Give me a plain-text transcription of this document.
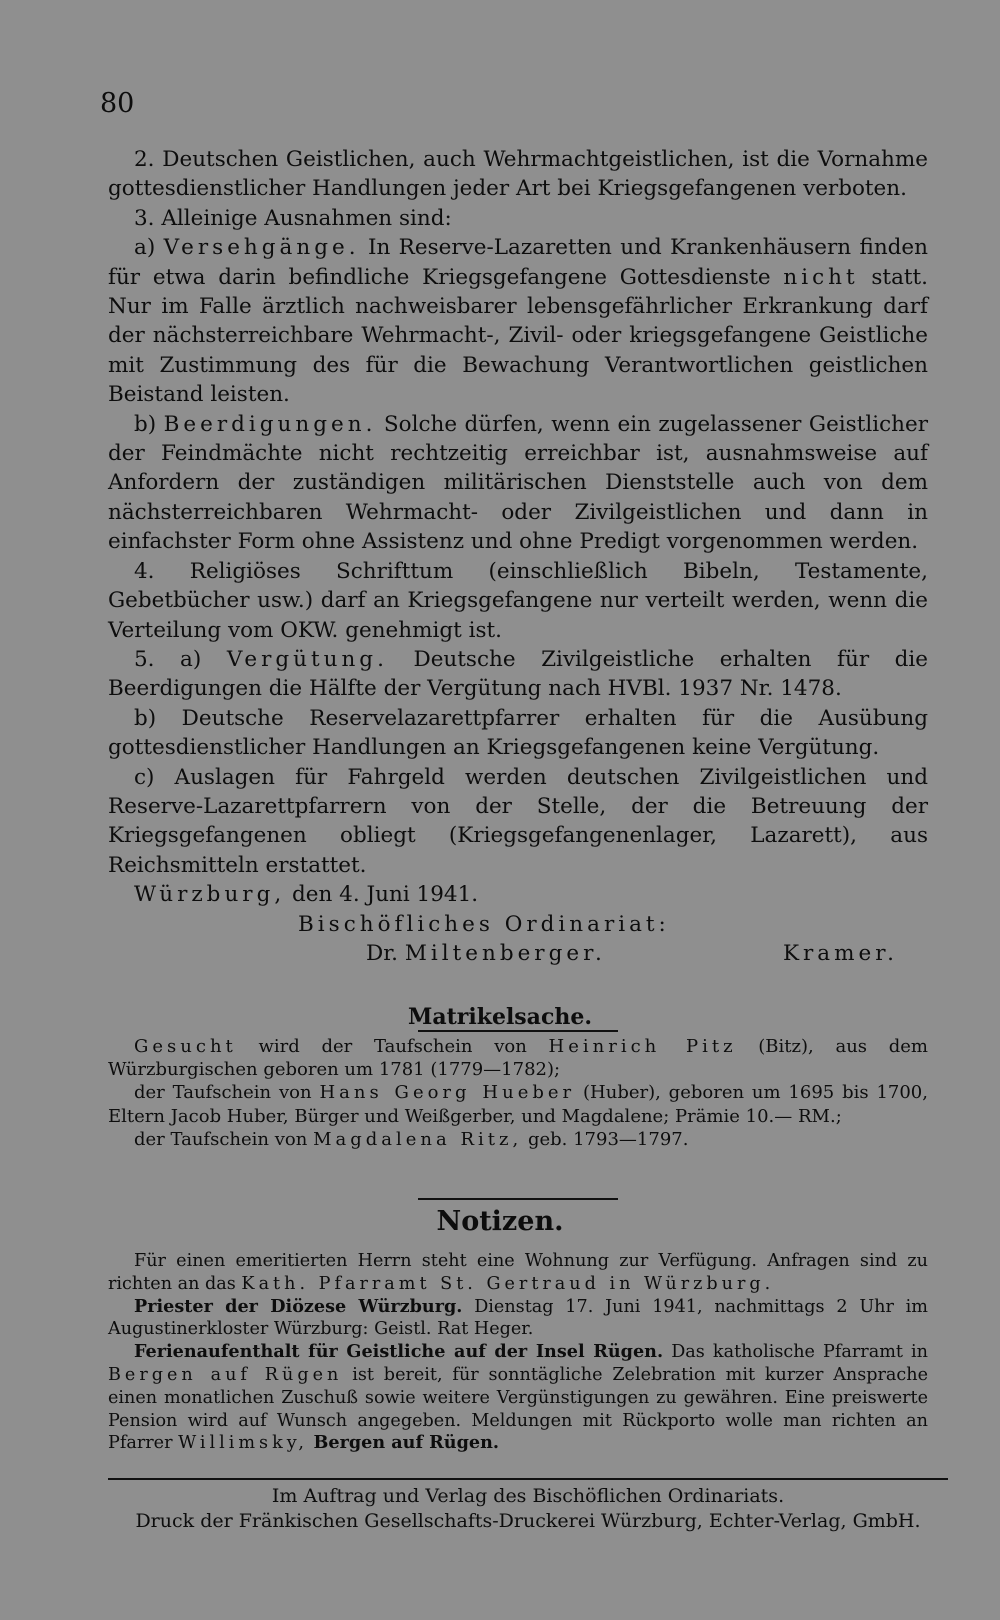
80

2. Deutschen Geistlichen, auch Wehrmachtgeistlichen, ist die Vornahme gottesdienstlicher Handlungen jeder Art bei Kriegsgefangenen verboten.

3. Alleinige Ausnahmen sind:

a) Versehgänge. In Reserve-Lazaretten und Krankenhäusern finden für etwa darin befindliche Kriegsgefangene Gottesdienste nicht statt. Nur im Falle ärztlich nachweisbarer lebensgefährlicher Erkrankung darf der nächsterreichbare Wehrmacht-, Zivil- oder kriegsgefangene Geistliche mit Zustimmung des für die Bewachung Verantwortlichen geistlichen Beistand leisten.

b) Beerdigungen. Solche dürfen, wenn ein zugelassener Geistlicher der Feindmächte nicht rechtzeitig erreichbar ist, ausnahmsweise auf Anfordern der zuständigen militärischen Dienststelle auch von dem nächsterreichbaren Wehrmacht- oder Zivilgeistlichen und dann in einfachster Form ohne Assistenz und ohne Predigt vorgenommen werden.

4. Religiöses Schrifttum (einschließlich Bibeln, Testamente, Gebetbücher usw.) darf an Kriegsgefangene nur verteilt werden, wenn die Verteilung vom OKW. genehmigt ist.

5. a) Vergütung. Deutsche Zivilgeistliche erhalten für die Beerdigungen die Hälfte der Vergütung nach HVBl. 1937 Nr. 1478.

b) Deutsche Reservelazarettpfarrer erhalten für die Ausübung gottesdienstlicher Handlungen an Kriegsgefangenen keine Vergütung.

c) Auslagen für Fahrgeld werden deutschen Zivilgeistlichen und Reserve-Lazarettpfarrern von der Stelle, der die Betreuung der Kriegsgefangenen obliegt (Kriegsgefangenenlager, Lazarett), aus Reichsmitteln erstattet.

Würzburg, den 4. Juni 1941.

Bischöfliches Ordinariat:

Dr. Miltenberger.	Kramer.
Matrikelsache.

Gesucht wird der Taufschein von Heinrich Pitz (Bitz), aus dem Würzburgischen geboren um 1781 (1779—1782);

der Taufschein von Hans Georg Hueber (Huber), geboren um 1695 bis 1700, Eltern Jacob Huber, Bürger und Weißgerber, und Magdalene; Prämie 10.— RM.;

der Taufschein von Magdalena Ritz, geb. 1793—1797.

Notizen.

Für einen emeritierten Herrn steht eine Wohnung zur Verfügung. Anfragen sind zu richten an das Kath. Pfarramt St. Gertraud in Würzburg.

Priester der Diözese Würzburg. Dienstag 17. Juni 1941, nachmittags 2 Uhr im Augustinerkloster Würzburg: Geistl. Rat Heger.

Ferienaufenthalt für Geistliche auf der Insel Rügen. Das katholische Pfarramt in Bergen auf Rügen ist bereit, für sonntägliche Zelebration mit kurzer Ansprache einen monatlichen Zuschuß sowie weitere Vergünstigungen zu gewähren. Eine preiswerte Pension wird auf Wunsch angegeben. Meldungen mit Rückporto wolle man richten an Pfarrer Willimsky, Bergen auf Rügen.

Im Auftrag und Verlag des Bischöflichen Ordinariats.
Druck der Fränkischen Gesellschafts-Druckerei Würzburg, Echter-Verlag, GmbH.
